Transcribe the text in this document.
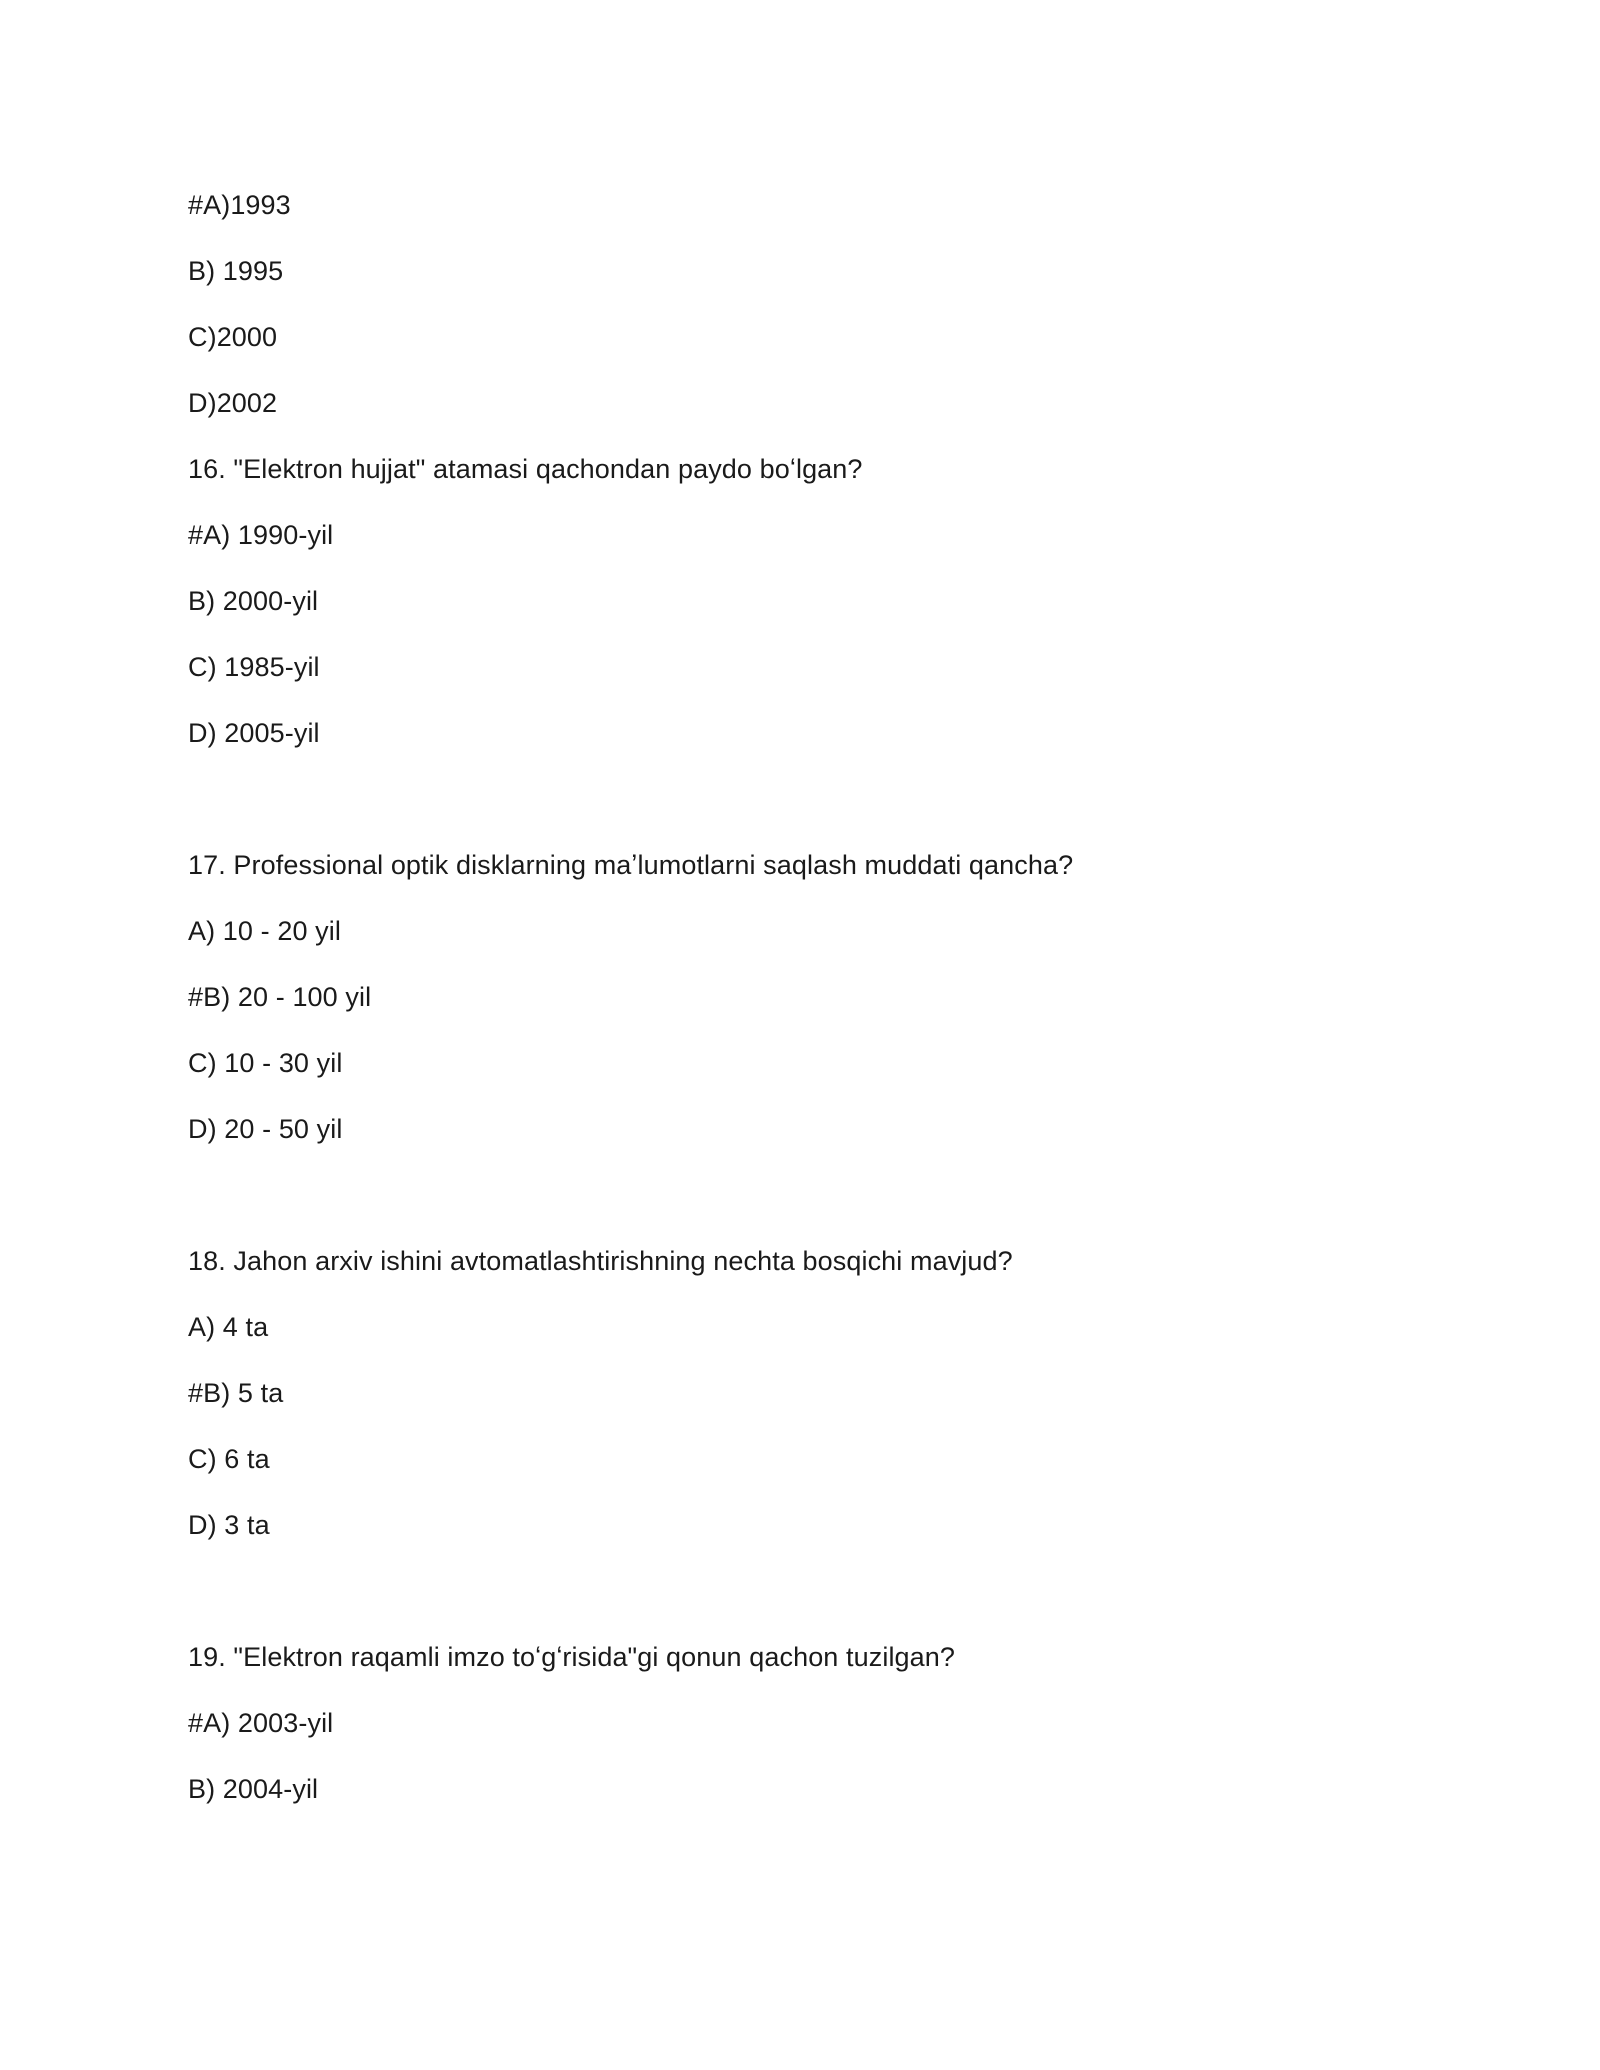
#A)1993
B) 1995
C)2000
D)2002
16. "Elektron hujjat" atamasi qachondan paydo boʻlgan?
#A) 1990-yil
B) 2000-yil
C) 1985-yil
D) 2005-yil
17. Professional optik disklarning maʼlumotlarni saqlash muddati qancha?
A) 10 - 20 yil
#B) 20 - 100 yil
C) 10 - 30 yil
D) 20 - 50 yil
18. Jahon arxiv ishini avtomatlashtirishning nechta bosqichi mavjud?
A) 4 ta
#B) 5 ta
C) 6 ta
D) 3 ta
19. "Elektron raqamli imzo toʻgʻrisida"gi qonun qachon tuzilgan?
#A) 2003-yil
B) 2004-yil
